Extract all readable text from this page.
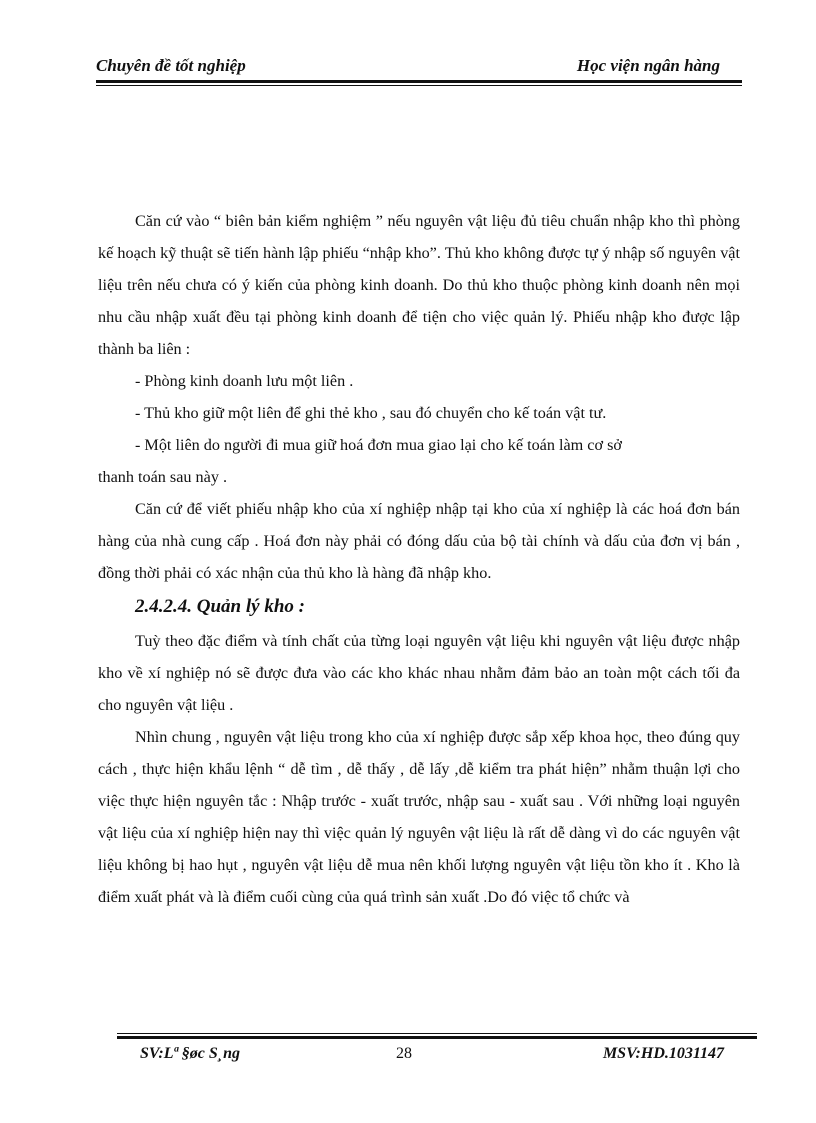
Chuyên đề tốt nghiệp	Học viện ngân hàng

Căn cứ vào “ biên bản kiểm nghiệm ” nếu nguyên vật liệu đủ tiêu chuẩn nhập kho thì phòng kế hoạch kỹ thuật sẽ tiến hành lập phiếu “nhập kho”. Thủ kho không được tự ý nhập số nguyên vật liệu trên nếu chưa có ý kiến của phòng kinh doanh. Do thủ kho thuộc phòng kinh doanh nên mọi nhu cầu nhập xuất đều tại phòng kinh doanh để tiện cho việc quản lý. Phiếu nhập kho được lập thành ba liên :

- Phòng kinh doanh lưu một liên .

- Thủ kho giữ một liên để ghi thẻ kho , sau đó chuyển cho kế toán vật tư.

- Một liên do người đi mua giữ hoá đơn mua giao lại cho kế toán làm cơ sở

thanh toán sau này .

Căn cứ để viết phiếu nhập kho của xí nghiệp nhập tại kho của xí nghiệp là các hoá đơn bán hàng của nhà cung cấp . Hoá đơn này phải có đóng dấu của bộ tài chính và dấu của đơn vị bán , đồng thời phải có xác nhận của thủ kho là hàng đã nhập kho.

2.4.2.4. Quản lý kho :

Tuỳ theo đặc điểm và tính chất của từng loại nguyên vật liệu khi nguyên vật liệu được nhập kho về xí nghiệp nó sẽ được đưa vào các kho khác nhau nhằm đảm bảo an toàn một cách tối đa cho nguyên vật liệu .

Nhìn chung , nguyên vật liệu trong kho của xí nghiệp được sắp xếp khoa học, theo đúng quy cách , thực hiện khẩu lệnh “ dễ tìm , dễ thấy , dễ lấy ,dễ kiểm tra phát hiện” nhằm thuận lợi cho việc thực hiện nguyên tắc : Nhập trước - xuất trước, nhập sau - xuất sau . Với những loại nguyên vật liệu của xí nghiệp hiện nay thì việc quản lý nguyên vật liệu là rất dễ dàng vì do các nguyên vật liệu không bị hao hụt , nguyên vật liệu dễ mua nên khối lượng nguyên vật liệu tồn kho ít . Kho là điểm xuất phát và là điểm cuối cùng của quá trình sản xuất .Do đó việc tổ chức và

SV:Lª §øc S¸ng	28	MSV:HD.1031147
